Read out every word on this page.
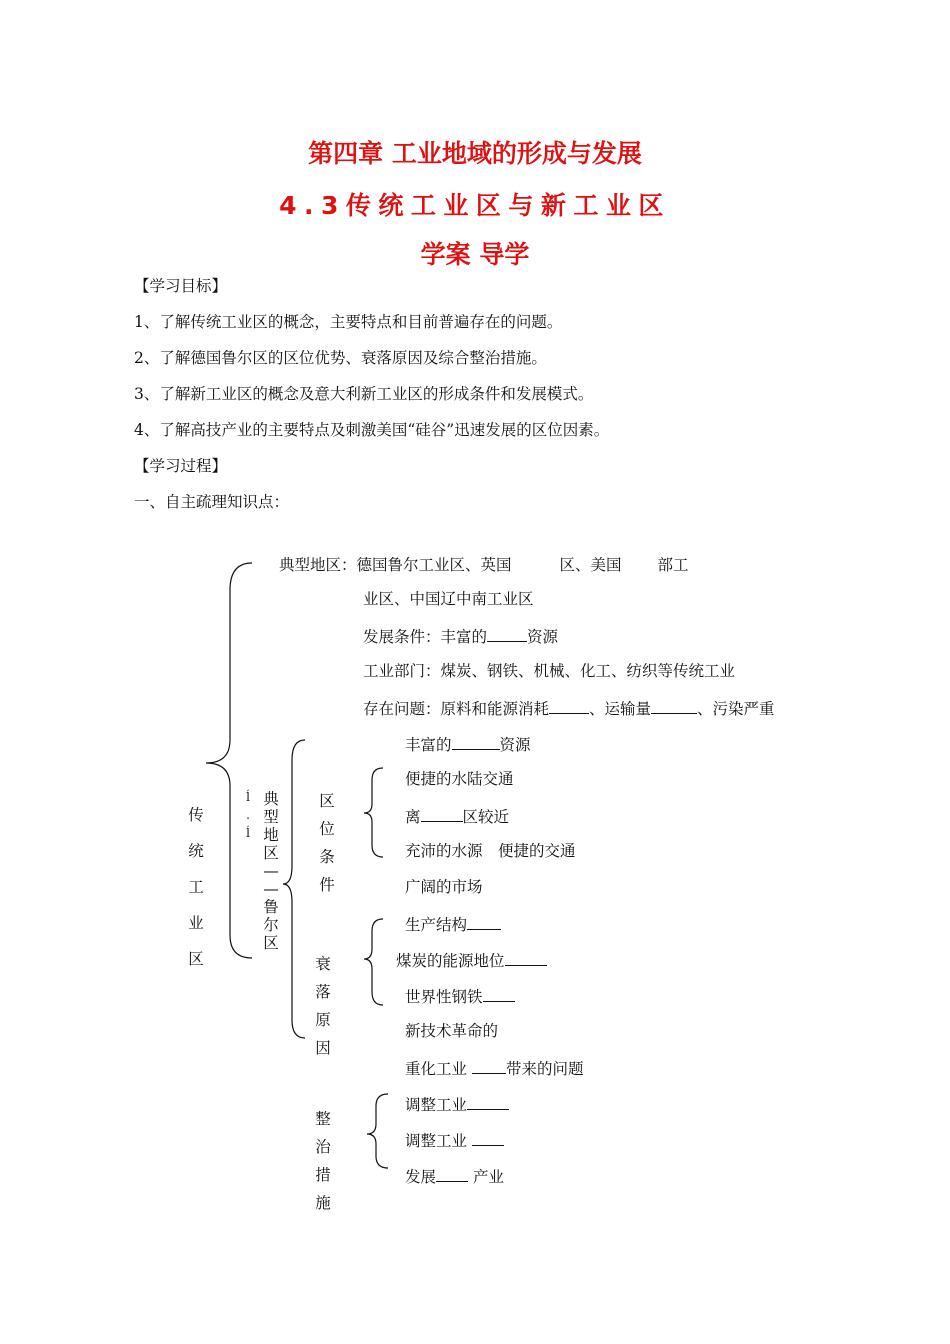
第四章 工业地域的形成与发展
4.3传统工业区与新工业区
学案 导学
【学习目标】
1、了解传统工业区的概念，主要特点和目前普遍存在的问题。
2、了解德国鲁尔区的区位优势、衰落原因及综合整治措施。
3、了解新工业区的概念及意大利新工业区的形成条件和发展模式。
4、了解高技产业的主要特点及刺激美国“硅谷”迅速发展的区位因素。
【学习过程】
一、自主疏理知识点：
传
统
工
业
区
ĺ
.
ĺ
典
型
地
区
—
—
鲁
尔
区
典型地区：德国鲁尔工业区、英国	区、美国 部工
业区、中国辽中南工业区
发展条件：丰富的	资源
工业部门：煤炭、钢铁、机械、化工、纺织等传统工业
存在问题：原料和能源消耗	、运输量	、污染严重
区
位
条
件
丰富的	资源
便捷的水陆交通
离	区较近
充沛的水源　便捷的交通
广阔的市场
衰
落
原
因
生产结构
煤炭的能源地位
世界性钢铁
新技术革命的
重化工业 带来的问题
整
治
措
施
调整工业
调整工业
发展 产业
